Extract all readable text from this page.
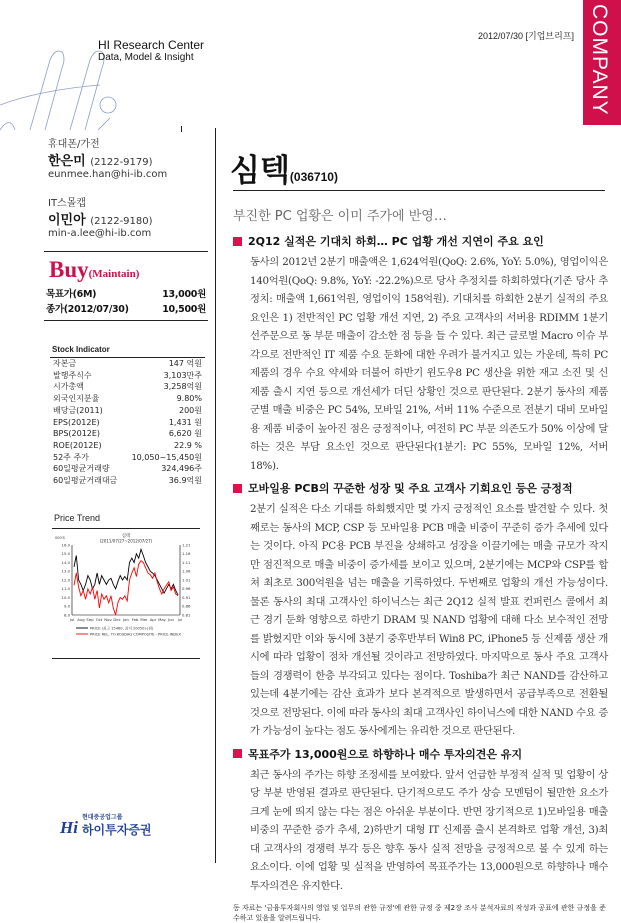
HI Research Center
Data, Model & Insight
2012/07/30 [기업브리프] COMPANY
휴대폰/가전
한은미 (2122-9179)
eunmee.han@hi-ib.com
IT스몰캡
이민아 (2122-9180)
min-a.lee@hi-ib.com
Buy(Maintain)
목표가(6M)	13,000원
종가(2012/07/30)	10,500원
Stock Indicator
자본금	147 억원
발행주식수	3,103만주
시가총액	3,258억원
외국인지분율	9.80%
배당금(2011)	200원
EPS(2012E)	1,431 원
BPS(2012E)	6,620 원
ROE(2012E)	22.9 %
52주 주가	10,050~15,450원
60일평균거래량	324,496주
60일평균거래대금	36.9억원
Price Trend
000'S	심텍
(2011/07/27~2012/07/27)
16.0
15.0
14.0
13.0
12.0
11.0
10.0
9.0
8.0
1.21
1.16
1.11
1.06
1.01
0.96
0.91
0.86
0.81
Jul Aug Sep Oct Nov Dec Jan Feb Mar Apr May Jun Jul
PRICE (최고 15460, 최저 10050)-(원)
PRICE REL. TO KOSDAQ COMPOSITE - PRICE INDEX
심텍(036710)
부진한 PC 업황은 이미 주가에 반영…
2Q12 실적은 기대치 하회… PC 업황 개선 지연이 주요 요인
동사의 2012년 2분기 매출액은 1,624억원(QoQ: 2.6%, YoY: 5.0%), 영업이익은 140억원(QoQ: 9.8%, YoY: -22.2%)으로 당사 추정치를 하회하였다(기존 당사 추정치: 매출액 1,661억원, 영업이익 158억원). 기대치를 하회한 2분기 실적의 주요 요인은 1) 전반적인 PC 업황 개선 지연, 2) 주요 고객사의 서버용 RDIMM 1분기 선주문으로 동 부문 매출이 감소한 점 등을 들 수 있다. 최근 글로벌 Macro 이슈 부각으로 전반적인 IT 제품 수요 둔화에 대한 우려가 불거지고 있는 가운데, 특히 PC 제품의 경우 수요 약세와 더불어 하반기 윈도우8 PC 생산을 위한 재고 소진 및 신제품 출시 지연 등으로 개선세가 더딘 상황인 것으로 판단된다. 2분기 동사의 제품군별 매출 비중은 PC 54%, 모바일 21%, 서버 11% 수준으로 전분기 대비 모바일용 제품 비중이 높아진 점은 긍정적이나, 여전히 PC 부문 의존도가 50% 이상에 달하는 것은 부담 요소인 것으로 판단된다(1분기: PC 55%, 모바일 12%, 서버 18%).
모바일용 PCB의 꾸준한 성장 및 주요 고객사 기회요인 등은 긍정적
2분기 실적은 다소 기대를 하회했지만 몇 가지 긍정적인 요소를 발견할 수 있다. 첫째로는 동사의 MCP, CSP 등 모바일용 PCB 매출 비중이 꾸준히 증가 추세에 있다는 것이다. 아직 PC용 PCB 부진을 상쇄하고 성장을 이끌기에는 매출 규모가 작지만 점진적으로 매출 비중이 증가세를 보이고 있으며, 2분기에는 MCP와 CSP를 합쳐 최초로 300억원을 넘는 매출을 기록하였다. 두번째로 업황의 개선 가능성이다. 물론 동사의 최대 고객사인 하이닉스는 최근 2Q12 실적 발표 컨퍼런스 콜에서 최근 경기 둔화 영향으로 하반기 DRAM 및 NAND 업황에 대해 다소 보수적인 전망를 밝혔지만 이와 동시에 3분기 중후반부터 Win8 PC, iPhone5 등 신제품 생산 개시에 따라 업황이 점차 개선될 것이라고 전망하였다. 마지막으로 동사 주요 고객사들의 경쟁력이 한층 부각되고 있다는 점이다. Toshiba가 최근 NAND를 감산하고 있는데 4분기에는 감산 효과가 보다 본격적으로 발생하면서 공급부족으로 전환될 것으로 전망된다. 이에 따라 동사의 최대 고객사인 하이닉스에 대한 NAND 수요 증가 가능성이 높다는 점도 동사에게는 유리한 것으로 판단된다.
목표주가 13,000원으로 하향하나 매수 투자의견은 유지
최근 동사의 주가는 하향 조정세를 보여왔다. 앞서 언급한 부정적 실적 및 업황이 상당 부분 반영된 결과로 판단된다. 단기적으로도 주가 상승 모멘텀이 될만한 요소가 크게 눈에 띄지 않는 다는 점은 아쉬운 부분이다. 반면 장기적으로 1)모바일용 매출 비중의 꾸준한 증가 추세, 2)하반기 대형 IT 신제품 출시 본격화로 업황 개선, 3)최대 고객사의 경쟁력 부각 등은 향후 동사 실적 전망을 긍정적으로 볼 수 있게 하는 요소이다. 이에 업황 및 실적을 반영하여 목표주가는 13,000원으로 하향하나 매수 투자의견은 유지한다.
동 자료는 '금융투자회사의 영업 및 업무의 관한 규정'에 관한 규정 중 제2장 조사 분석자료의 작성과 공표에 관한 규정을 준수하고 있음을 알려드립니다.
Hi
현대중공업그룹
하이투자증권
